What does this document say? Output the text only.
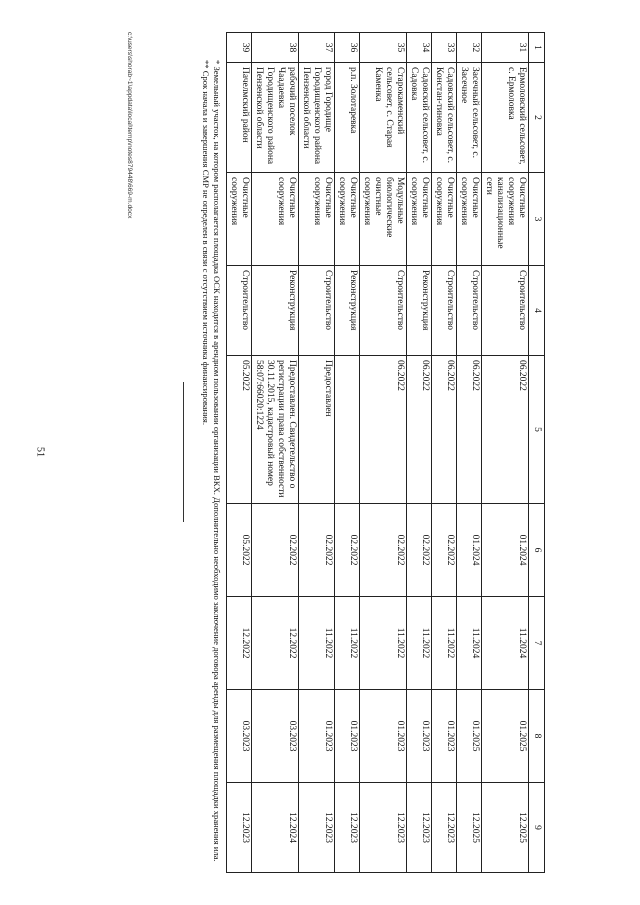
51
1	2	3	4	5	6	7	8	9
31	Ермоловский сельсовет, с. Ермоловка	Очистные сооружения канализационные сети	Строительство	06.2022	01.2024	11.2024	01.2025	12.2025
32	Засечный сельсовет, с. Засечное	Очистные сооружения	Строительство	06.2022	01.2024	11.2024	01.2025	12.2025
33	Садовский сельсовет, с. Констан-тиновка	Очистные сооружения	Строительство	06.2022	02.2022	11.2022	01.2023	12.2023
34	Садовский сельсовет, с. Садовка	Очистные сооружения	Реконструкция	06.2022	02.2022	11.2022	01.2023	12.2023
35	Старокаменский сельсовет, с. Старая Каменка	Модульные биологические очистные сооружения	Строительство	06.2022	02.2022	11.2022	01.2023	12.2023
36	р.п. Золотаревка	Очистные сооружения	Реконструкция		02.2022	11.2022	01.2023	12.2023
37	город Городище Городищенского района Пензенской области	Очистные сооружения	Строительство	Предоставлен	02.2022	11.2022	01.2023	12.2023
38	рабочий поселок Чаадаевка Городищенского района Пензенской области	Очистные сооружения	Реконструкция	Предоставлен. Свидетельство о регистрации права собственности 30.11.2015, кадастровый номер 58:07:66020:1224	02.2022	12.2022	03.2023	12.2024
39	Пачелмский район	Очистные сооружения	Строительство	05.2022	05.2022	12.2022	03.2023	12.2023

* Земельный участок, на котором располагается площадка ОСК находится в арендном пользовании организации ВКХ. Дополнительно необходимо заключение договора аренды для размещения площадки хранения ила.

** Срок начала и завершения СМР не определен в связи с отсутствием источника финансирования.

c:\users\shorab~1\appdata\local\temp\notes879448\669-m.docx
